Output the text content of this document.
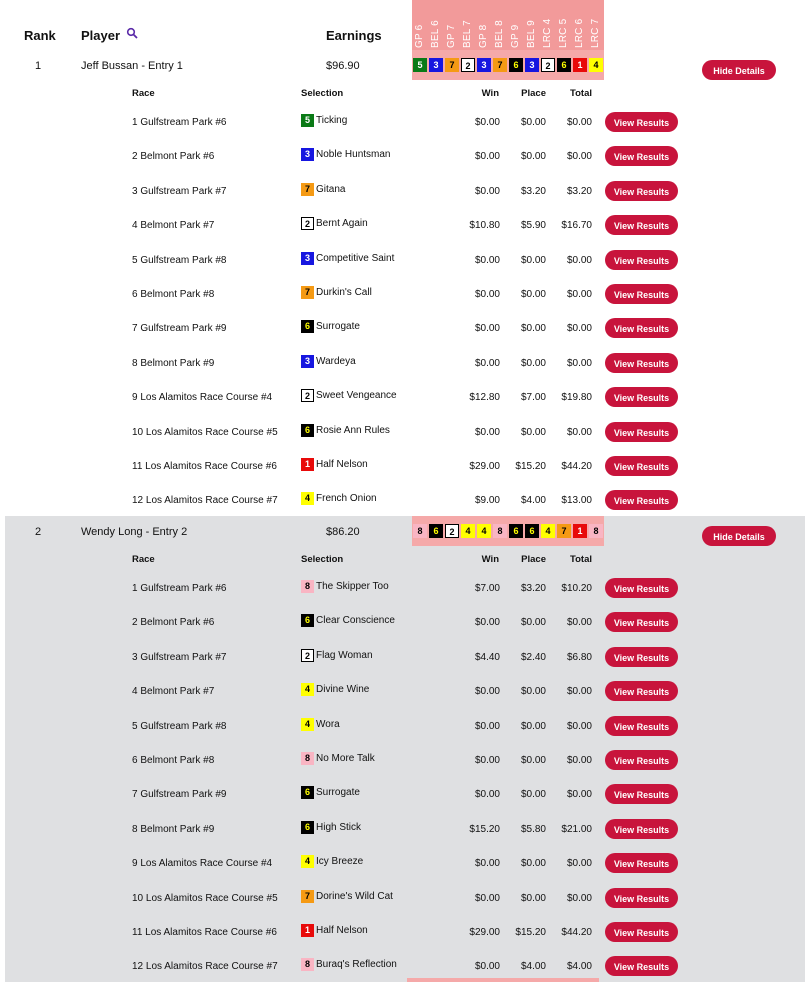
Rank Player	Earnings	GP 6 BEL 6 GP 7 BEL 7 GP 8 BEL 8 GP 9 BEL 9 LRC 4 LRC 5 LRC 6 LRC 7
1	Jeff Bussan - Entry 1	$96.90	5	3	7	2	3	7	6	3	2	6	1	4
Hide Details
Race	Selection	Win Place	Total
1 Gulfstream Park #6	5 Ticking	$0.00 $0.00 $0.00	View Results
2 Belmont Park #6	3 Noble Huntsman	$0.00 $0.00 $0.00	View Results
3 Gulfstream Park #7	7 Gitana	$0.00 $3.20 $3.20	View Results
4 Belmont Park #7	2 Bernt Again	$10.80 $5.90 $16.70	View Results
5 Gulfstream Park #8	3 Competitive Saint	$0.00 $0.00 $0.00	View Results
6 Belmont Park #8	7 Durkin's Call	$0.00 $0.00 $0.00	View Results
7 Gulfstream Park #9	6 Surrogate	$0.00 $0.00 $0.00	View Results
8 Belmont Park #9	3 Wardeya	$0.00 $0.00 $0.00	View Results
9 Los Alamitos Race Course #4	2 Sweet Vengeance	$12.80 $7.00 $19.80	View Results
10 Los Alamitos Race Course #5	6 Rosie Ann Rules	$0.00 $0.00 $0.00	View Results
11 Los Alamitos Race Course #6	1 Half Nelson	$29.00 $15.20 $44.20	View Results
12 Los Alamitos Race Course #7	4 French Onion	$9.00 $4.00 $13.00	View Results
2	Wendy Long - Entry 2	$86.20	8	6	2	4	4	8	6	6	4	7	1	8
Hide Details
Race	Selection	Win Place	Total
1 Gulfstream Park #6	8 The Skipper Too	$7.00 $3.20 $10.20	View Results
2 Belmont Park #6	6 Clear Conscience	$0.00 $0.00 $0.00	View Results
3 Gulfstream Park #7	2 Flag Woman	$4.40 $2.40 $6.80	View Results
4 Belmont Park #7	4 Divine Wine	$0.00 $0.00 $0.00	View Results
5 Gulfstream Park #8	4 Wora	$0.00 $0.00 $0.00	View Results
6 Belmont Park #8	8 No More Talk	$0.00 $0.00 $0.00	View Results
7 Gulfstream Park #9	6 Surrogate	$0.00 $0.00 $0.00	View Results
8 Belmont Park #9	6 High Stick	$15.20 $5.80 $21.00	View Results
9 Los Alamitos Race Course #4	4 Icy Breeze	$0.00 $0.00 $0.00	View Results
10 Los Alamitos Race Course #5	7 Dorine's Wild Cat	$0.00 $0.00 $0.00	View Results
11 Los Alamitos Race Course #6	1 Half Nelson	$29.00 $15.20 $44.20	View Results
12 Los Alamitos Race Course #7	8 Buraq's Reflection	$0.00 $4.00 $4.00	View Results
